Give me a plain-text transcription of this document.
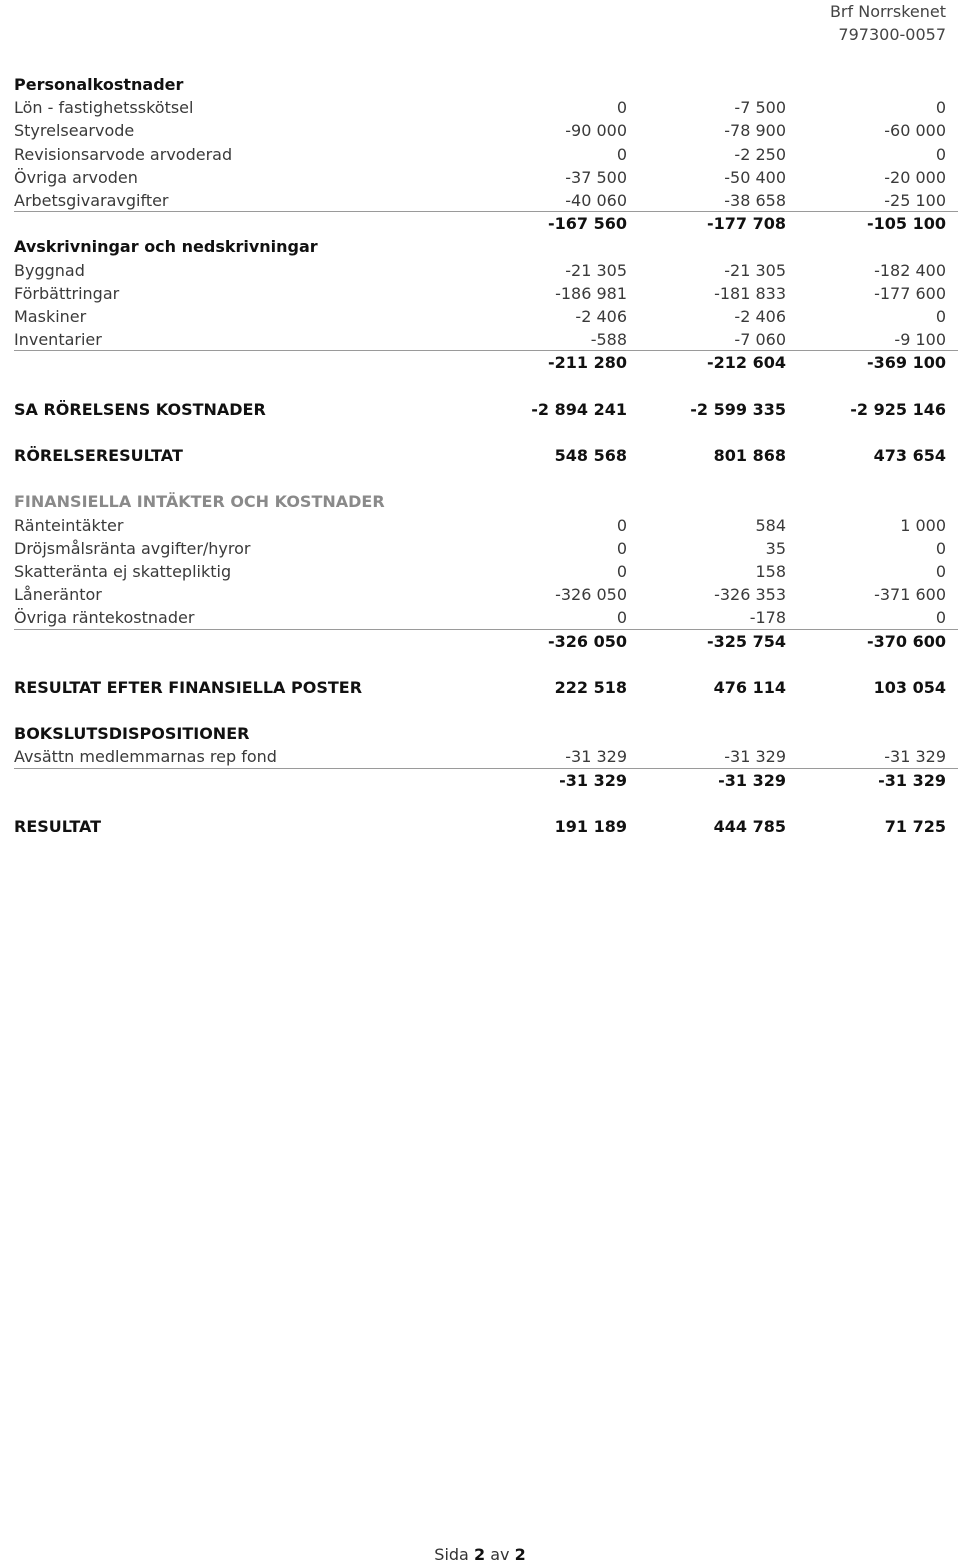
Brf Norrskenet
797300-0057
Personalkostnader
Lön - fastighetsskötsel	0	-7 500	0
Styrelsearvode	-90 000	-78 900	-60 000
Revisionsarvode arvoderad	0	-2 250	0
Övriga arvoden	-37 500	-50 400	-20 000
Arbetsgivaravgifter	-40 060	-38 658	-25 100
-167 560	-177 708	-105 100
Avskrivningar och nedskrivningar
Byggnad	-21 305	-21 305	-182 400
Förbättringar	-186 981	-181 833	-177 600
Maskiner	-2 406	-2 406	0
Inventarier	-588	-7 060	-9 100
-211 280	-212 604	-369 100
SA RÖRELSENS KOSTNADER	-2 894 241	-2 599 335	-2 925 146
RÖRELSERESULTAT	548 568	801 868	473 654
FINANSIELLA INTÄKTER OCH KOSTNADER
Ränteintäkter	0	584	1 000
Dröjsmålsränta avgifter/hyror	0	35	0
Skatteränta ej skattepliktig	0	158	0
Låneräntor	-326 050	-326 353	-371 600
Övriga räntekostnader	0	-178	0
-326 050	-325 754	-370 600
RESULTAT EFTER FINANSIELLA POSTER	222 518	476 114	103 054
BOKSLUTSDISPOSITIONER
Avsättn medlemmarnas rep fond	-31 329	-31 329	-31 329
-31 329	-31 329	-31 329
RESULTAT	191 189	444 785	71 725
Sida 2 av 2
